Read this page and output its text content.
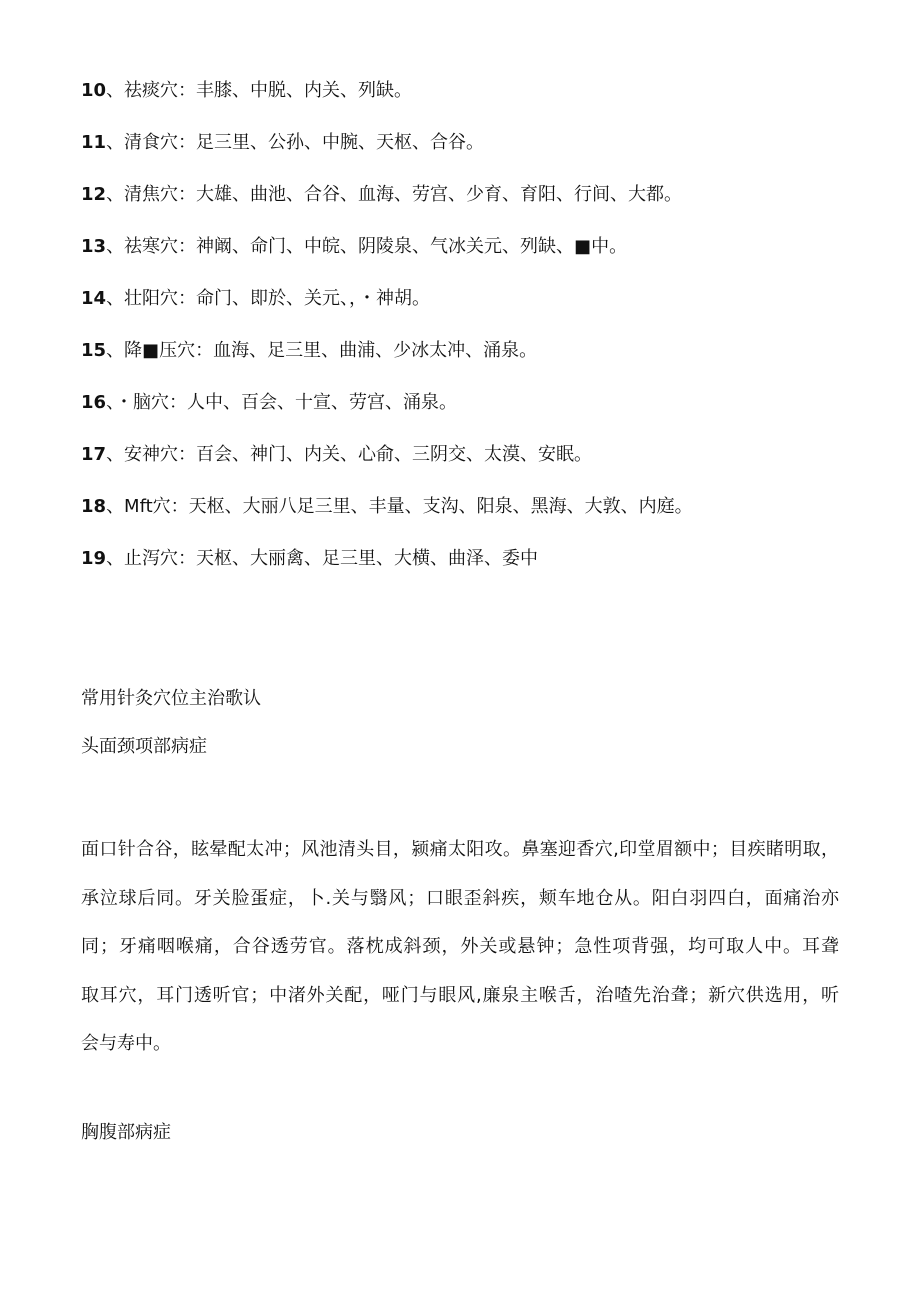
10、祛痰穴：丰膝、中脱、内关、列缺。
11、清食穴：足三里、公孙、中腕、天枢、合谷。
12、清焦穴：大雄、曲池、合谷、血海、劳宫、少育、育阳、行间、大都。
13、祛寒穴：神阚、命门、中皖、阴陵泉、气冰关元、列缺、■中。
14、壮阳穴：命门、即於、关元、，・神胡。
15、降■压穴：血海、足三里、曲浦、少冰太冲、涌泉。
16、・脑穴：人中、百会、十宣、劳宫、涌泉。
17、安神穴：百会、神门、内关、心俞、三阴交、太漠、安眠。
18、Mft穴：天枢、大丽八足三里、丰量、支沟、阳泉、黑海、大敦、内庭。
19、止泻穴：天枢、大丽禽、足三里、大横、曲泽、委中
常用针灸穴位主治歌认
头面颈项部病症
面口针合谷，眩晕配太冲；风池清头目，颍痛太阳攻。鼻塞迎香穴,印堂眉额中；目疾睹明取，
承泣球后同。牙关脸蛋症，卜.关与翳风；口眼歪斜疾，颊车地仓从。阳白羽四白，面痛治亦
同；牙痛咽喉痛，合谷透劳官。落枕成斜颈，外关或悬钟；急性项背强，均可取人中。耳聋
取耳穴，耳门透听官；中渚外关配，哑门与眼风,廉泉主喉舌，治喳先治聋；新穴供选用，听
会与寿中。
胸腹部病症
